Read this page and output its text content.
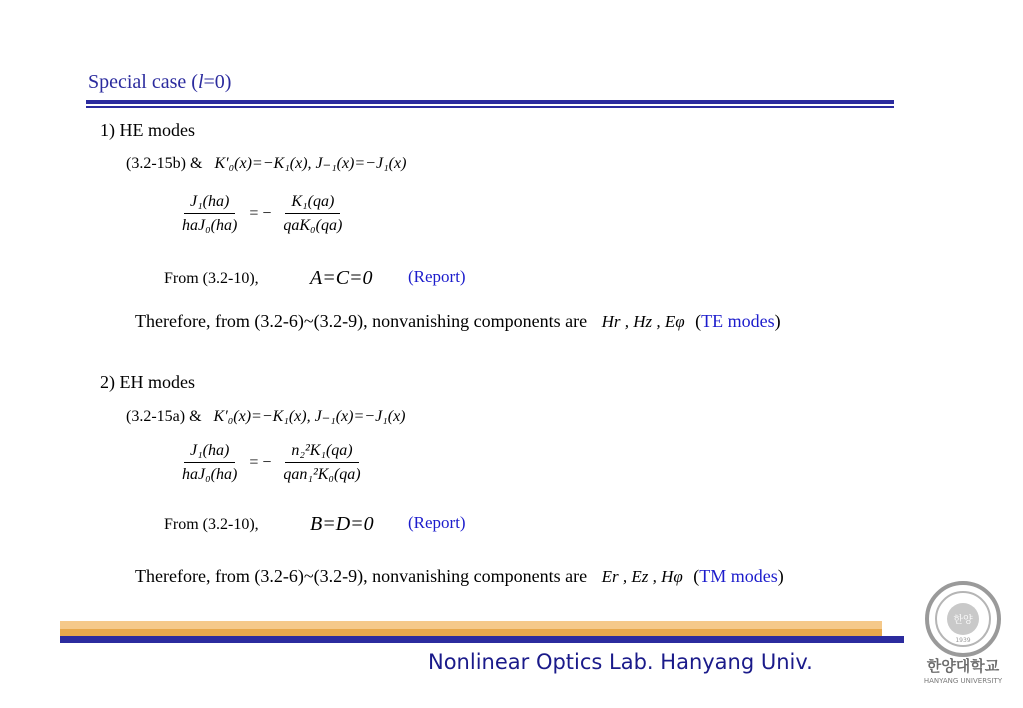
Special case (l=0)
1) HE modes
(3.2-15b) & K′₀(x)=−K₁(x), J₋₁(x)=−J₁(x)
$\frac{\text{J₁(ha)}}{\text{haJ₀(ha)}}$ = − $\frac{\text{K₁(qa)}}{\text{qaK₀(qa)}}$
From (3.2-10),	A=C=0 (Report)
Therefore, from (3.2-6)~(3.2-9), nonvanishing components are Hr , Hz , Eφ (TE modes)
2) EH modes
(3.2-15a) & K′₀(x)=−K₁(x), J₋₁(x)=−J₁(x)
$\frac{\text{J₁(ha)}}{\text{haJ₀(ha)}}$ = − $\frac{\text{n₂²K₁(qa)}}{\text{qan₁²K₀(qa)}}$
From (3.2-10),	B=D=0 (Report)
Therefore, from (3.2-6)~(3.2-9), nonvanishing components are Er , Ez , Hφ (TM modes)
Nonlinear Optics Lab. Hanyang Univ.
한양
1939
한양대학교
HANYANG UNIVERSITY
